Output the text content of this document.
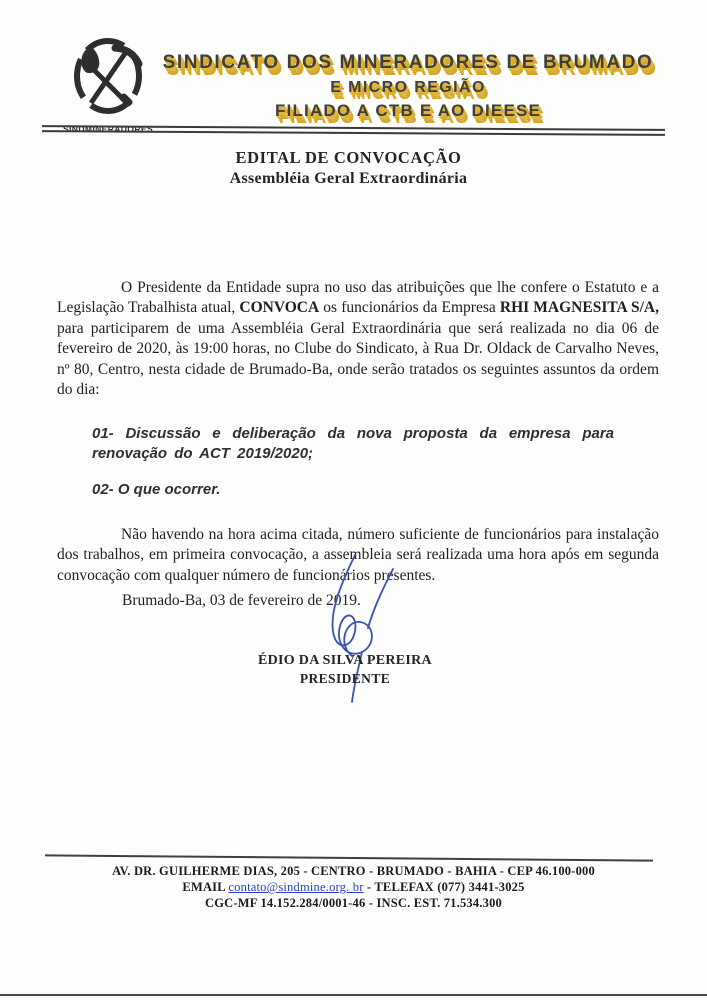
SINDMINERADORES
SINDICATO DOS MINERADORES DE BRUMADO
E MICRO REGIÃO
FILIADO A CTB E AO DIEESE
EDITAL DE CONVOCAÇÃO
Assembléia Geral Extraordinária

O Presidente da Entidade supra no uso das atribuições que lhe confere o Estatuto e a Legislação Trabalhista atual, CONVOCA os funcionários da Empresa RHI MAGNESITA S/A, para participarem de uma Assembléia Geral Extraordinária que será realizada no dia 06 de fevereiro de 2020, às 19:00 horas, no Clube do Sindicato, à Rua Dr. Oldack de Carvalho Neves, nº 80, Centro, nesta cidade de Brumado-Ba, onde serão tratados os seguintes assuntos da ordem do dia:

01- Discussão e deliberação da nova proposta da empresa para renovação do ACT 2019/2020;
02- O que ocorrer.

Não havendo na hora acima citada, número suficiente de funcionários para instalação dos trabalhos, em primeira convocação, a assembleia será realizada uma hora após em segunda convocação com qualquer número de funcionários presentes.

Brumado-Ba, 03 de fevereiro de 2019.
ÉDIO DA SILVA PEREIRA
PRESIDENTE
AV. DR. GUILHERME DIAS, 205 - CENTRO - BRUMADO - BAHIA - CEP 46.100-000
EMAIL contato@sindmine.org. br - TELEFAX (077) 3441-3025
CGC-MF 14.152.284/0001-46 - INSC. EST. 71.534.300
